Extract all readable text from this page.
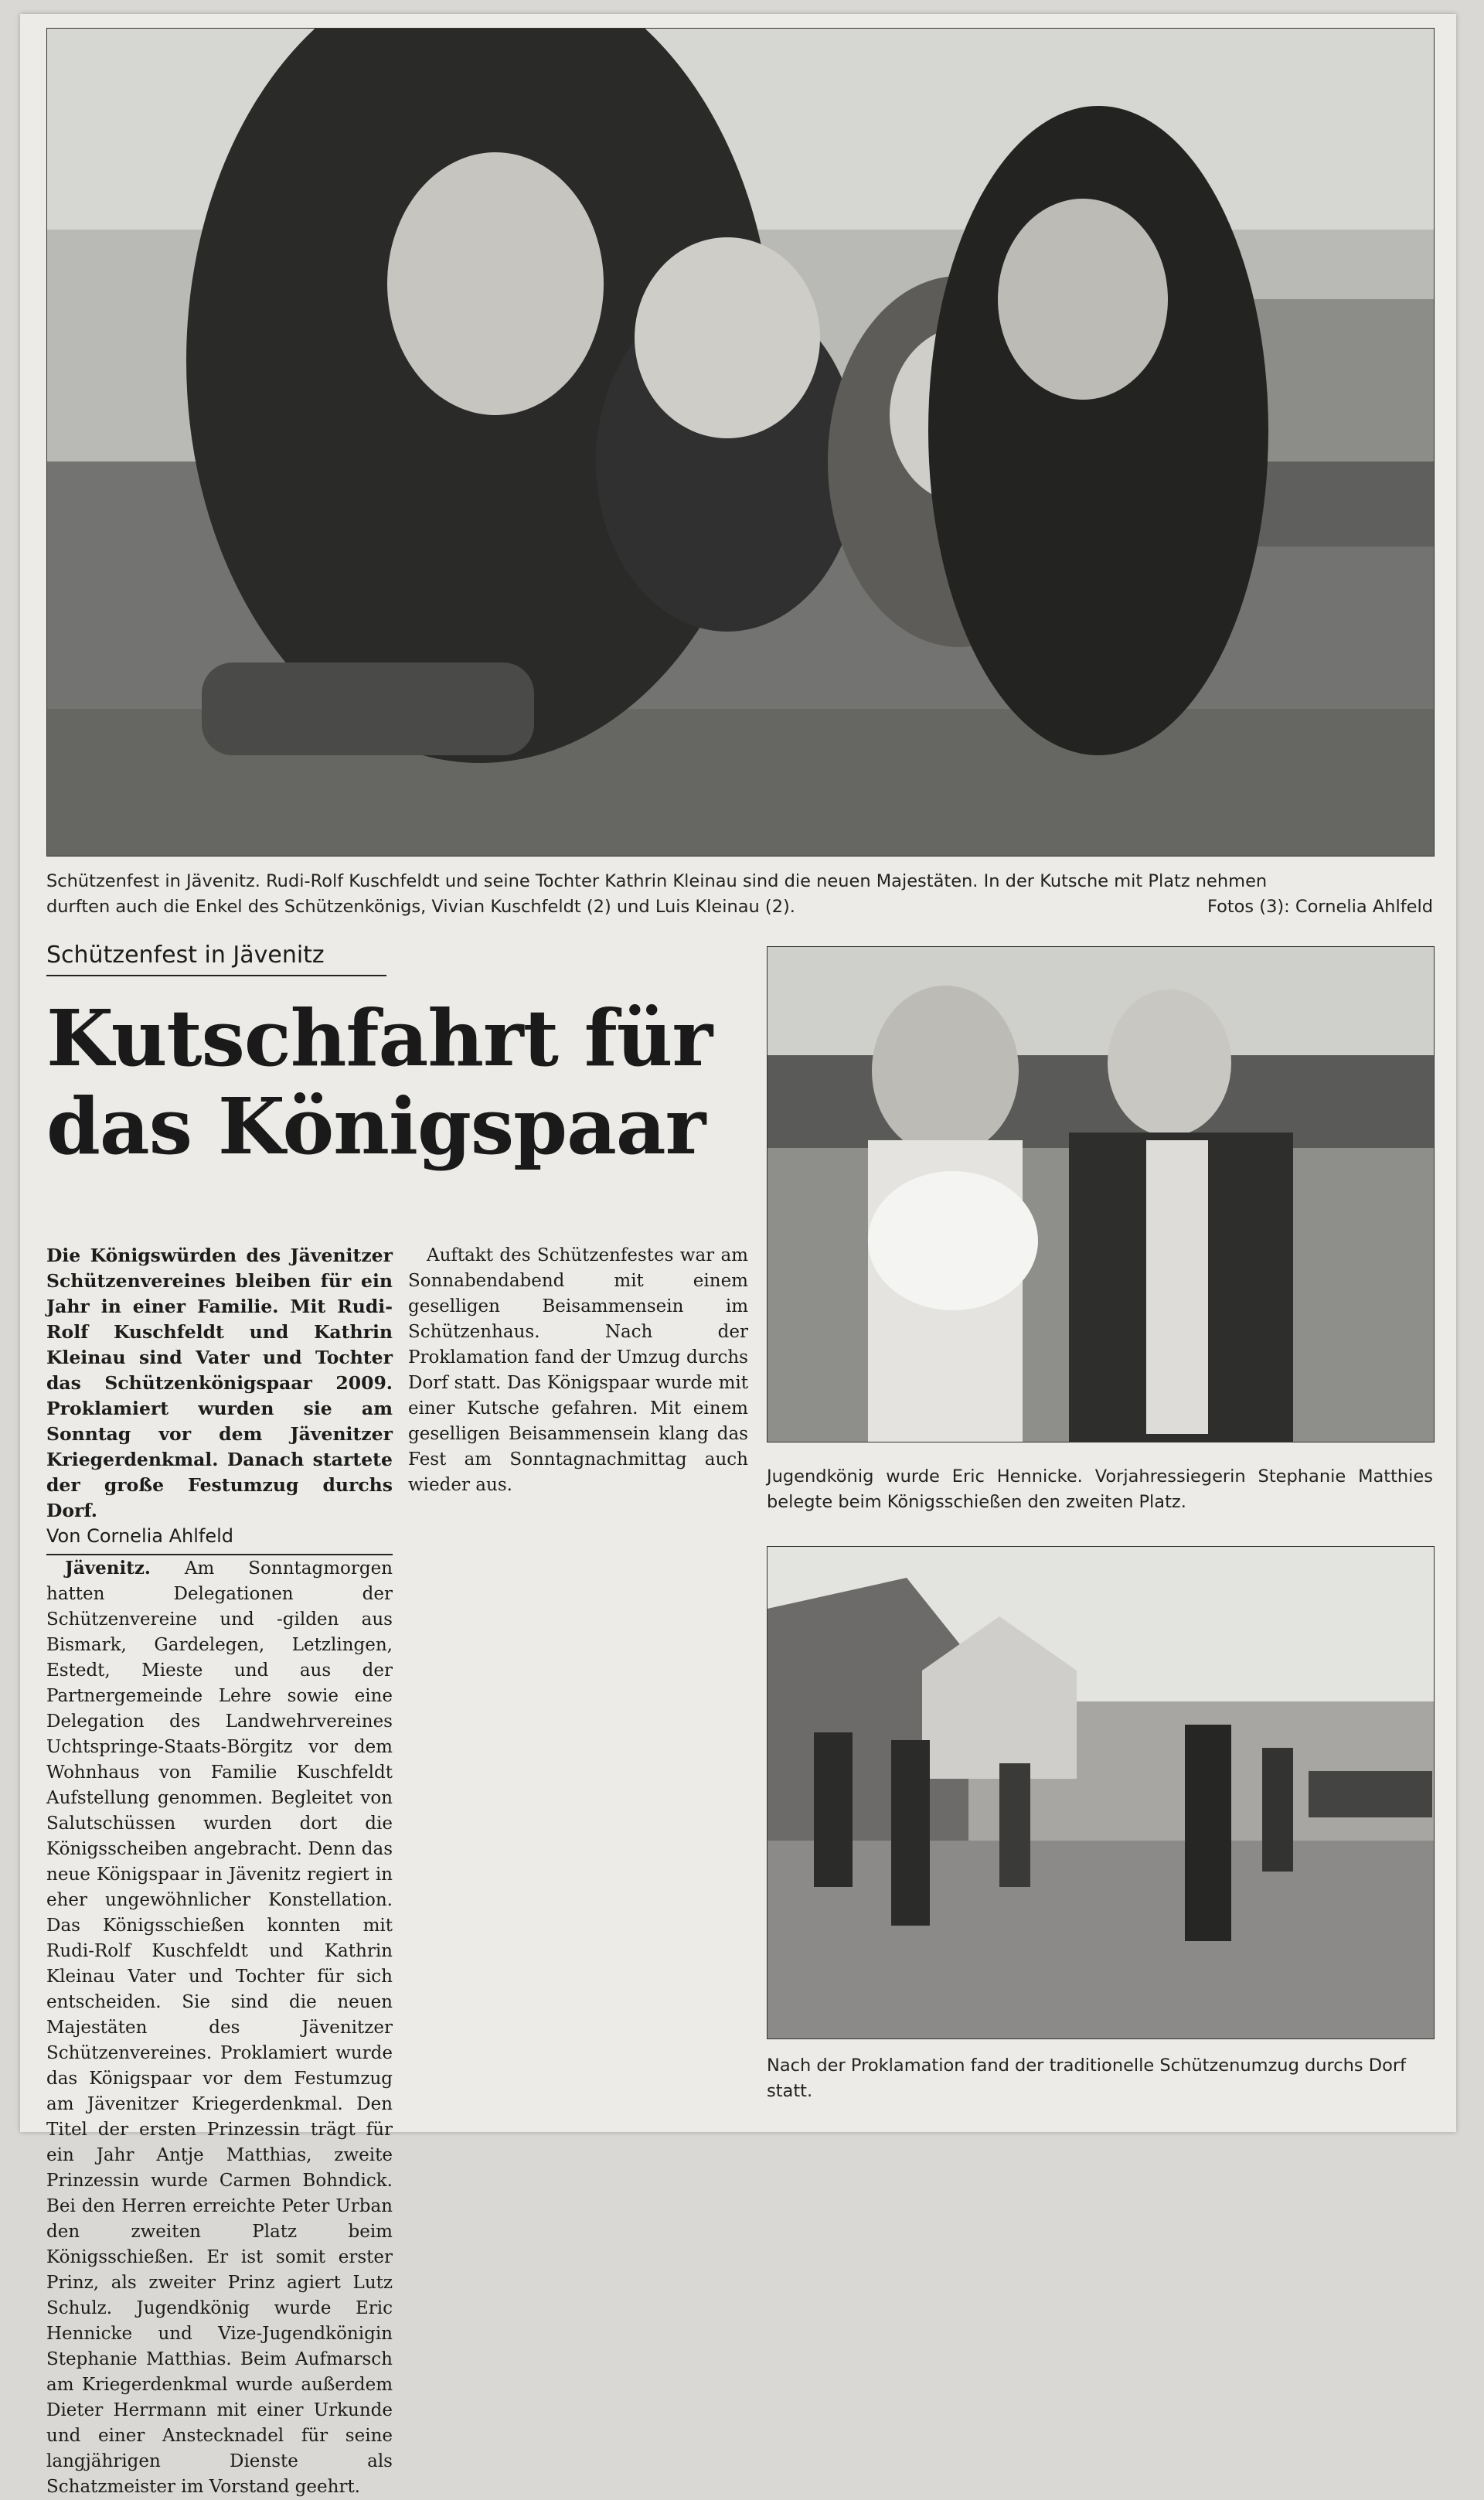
Schützenfest in Jävenitz. Rudi-Rolf Kuschfeldt und seine Tochter Kathrin Kleinau sind die neuen Majestäten. In der Kutsche mit Platz nehmen
durften auch die Enkel des Schützenkönigs, Vivian Kuschfeldt (2) und Luis Kleinau (2).	Fotos (3): Cornelia Ahlfeld
Schützenfest in Jävenitz
Kutschfahrt für das Königspaar

Die Königswürden des Jävenitzer Schützenvereines bleiben für ein Jahr in einer Familie. Mit Rudi-Rolf Kuschfeldt und Kathrin Kleinau sind Vater und Tochter das Schützenkönigspaar 2009. Proklamiert wurden sie am Sonntag vor dem Jävenitzer Kriegerdenkmal. Danach startete der große Festumzug durchs Dorf.

Von Cornelia Ahlfeld

Jävenitz. Am Sonntagmorgen hatten Delegationen der Schützenvereine und -gilden aus Bismark, Gardelegen, Letzlingen, Estedt, Mieste und aus der Partnergemeinde Lehre sowie eine Delegation des Landwehrvereines Uchtspringe-Staats-Börgitz vor dem Wohnhaus von Familie Kuschfeldt Aufstellung genommen. Begleitet von Salutschüssen wurden dort die Königsscheiben angebracht. Denn das neue Königspaar in Jävenitz regiert in eher ungewöhnlicher Konstellation. Das Königsschießen konnten mit Rudi-Rolf Kuschfeldt und Kathrin Kleinau Vater und Tochter für sich entscheiden. Sie sind die neuen Majestäten des Jävenitzer Schützenvereines. Proklamiert wurde das Königspaar vor dem Festumzug am Jävenitzer Kriegerdenkmal. Den Titel der ersten Prinzessin trägt für ein Jahr Antje Matthias, zweite Prinzessin wurde Carmen Bohndick. Bei den Herren erreichte Peter Urban den zweiten Platz beim Königsschießen. Er ist somit erster Prinz, als zweiter Prinz agiert Lutz Schulz. Jugendkönig wurde Eric Hennicke und Vize-Jugendkönigin Stephanie Matthias. Beim Aufmarsch am Kriegerdenkmal wurde außerdem Dieter Herrmann mit einer Urkunde und einer Anstecknadel für seine langjährigen Dienste als Schatzmeister im Vorstand geehrt.

Auftakt des Schützenfestes war am Sonnabendabend mit einem geselligen Beisammensein im Schützenhaus. Nach der Proklamation fand der Umzug durchs Dorf statt. Das Königspaar wurde mit einer Kutsche gefahren. Mit einem geselligen Beisammensein klang das Fest am Sonntagnachmittag auch wieder aus.	Jugendkönig wurde Eric Hennicke. Vorjahressiegerin Stephanie Matthies belegte beim Königsschießen den zweiten Platz.
Nach der Proklamation fand der traditionelle Schützenumzug durchs Dorf statt.
